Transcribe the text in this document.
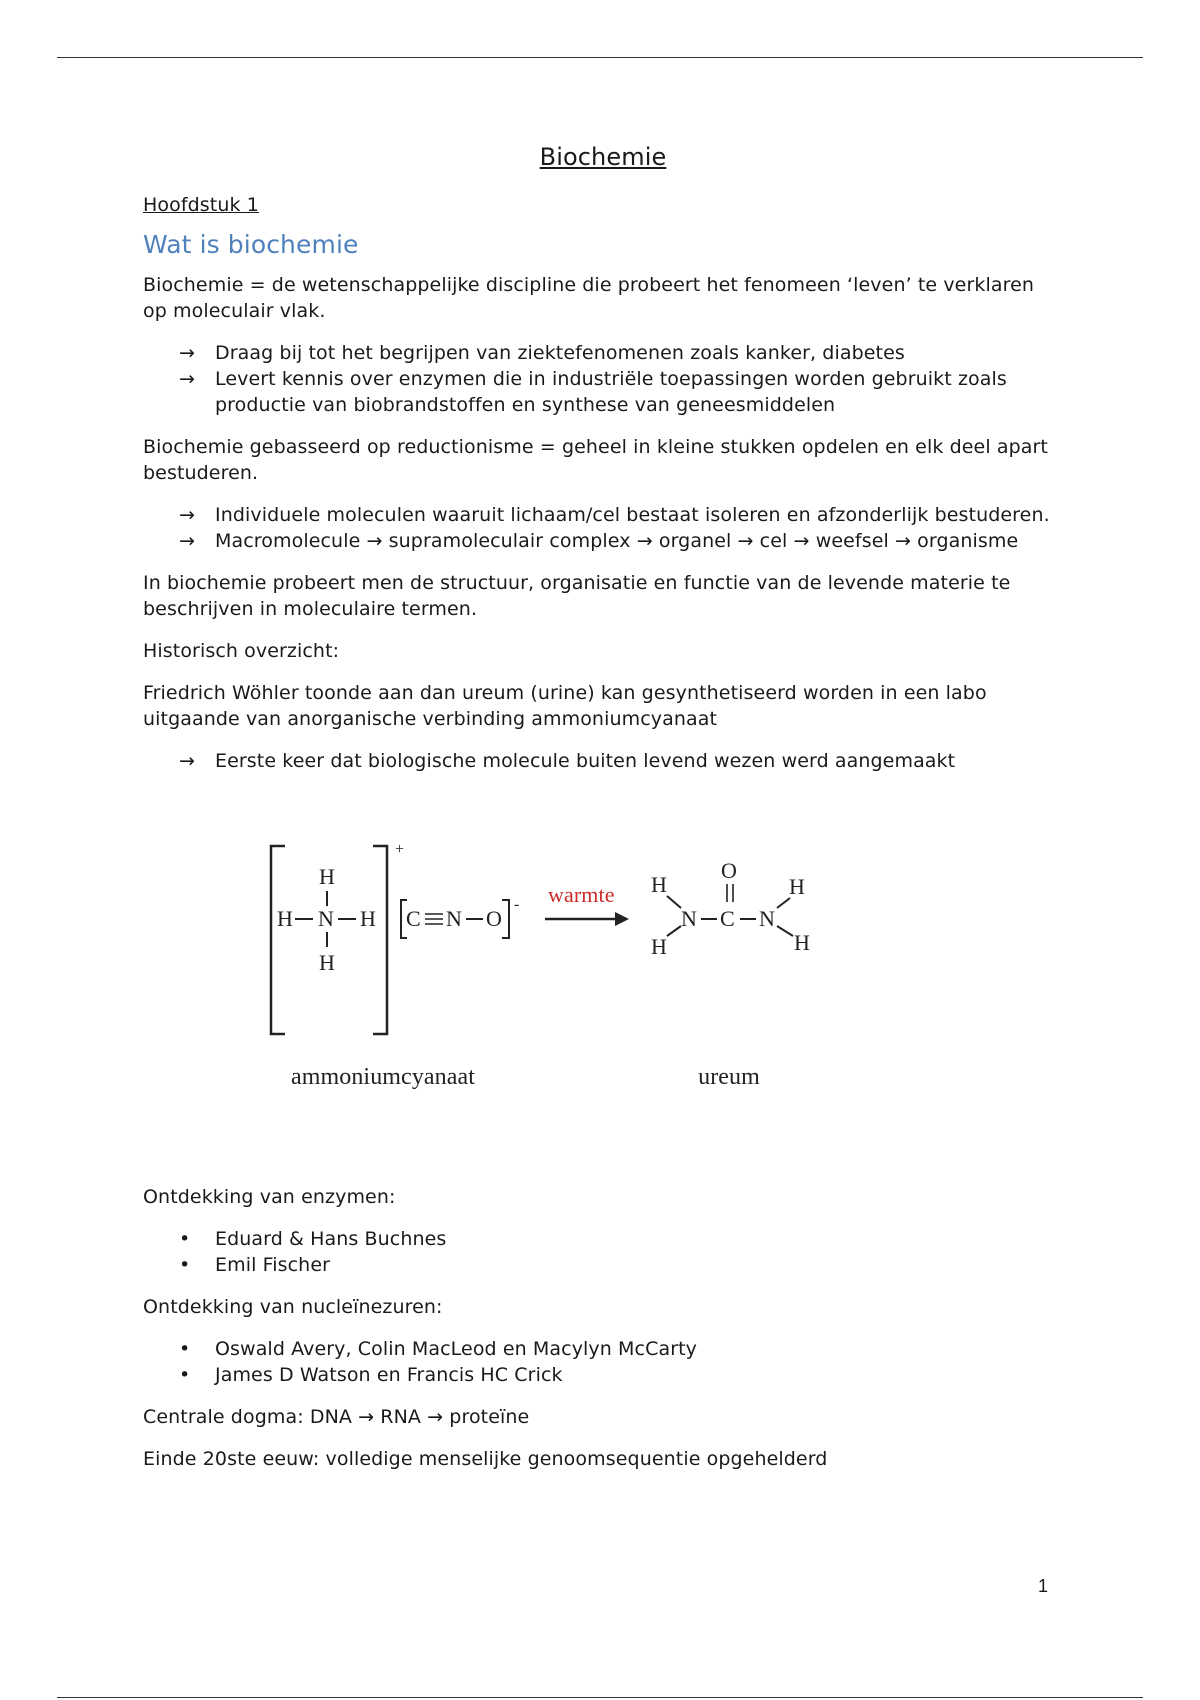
Biochemie
Hoofdstuk 1
Wat is biochemie

Biochemie = de wetenschappelijke discipline die probeert het fenomeen ‘leven’ te verklaren op moleculair vlak.

→ Draag bij tot het begrijpen van ziektefenomenen zoals kanker, diabetes
→ Levert kennis over enzymen die in industriële toepassingen worden gebruikt zoals productie van biobrandstoffen en synthese van geneesmiddelen

Biochemie gebasseerd op reductionisme = geheel in kleine stukken opdelen en elk deel apart bestuderen.

→ Individuele moleculen waaruit lichaam/cel bestaat isoleren en afzonderlijk bestuderen.
→ Macromolecule → supramoleculair complex → organel → cel → weefsel → organisme

In biochemie probeert men de structuur, organisatie en functie van de levende materie te beschrijven in moleculaire termen.

Historisch overzicht:

Friedrich Wöhler toonde aan dan ureum (urine) kan gesynthetiseerd worden in een labo uitgaande van anorganische verbinding ammoniumcyanaat

→ Eerste keer dat biologische molecule buiten levend wezen werd aangemaakt
+
H
H N H
H
C N O
- warmte H
H
N C
O
N
H
H
ammoniumcyanaat	ureum

Ontdekking van enzymen:

• Eduard & Hans Buchnes
• Emil Fischer

Ontdekking van nucleïnezuren:

• Oswald Avery, Colin MacLeod en Macylyn McCarty
• James D Watson en Francis HC Crick

Centrale dogma: DNA → RNA → proteïne

Einde 20ste eeuw: volledige menselijke genoomsequentie opgehelderd

1
